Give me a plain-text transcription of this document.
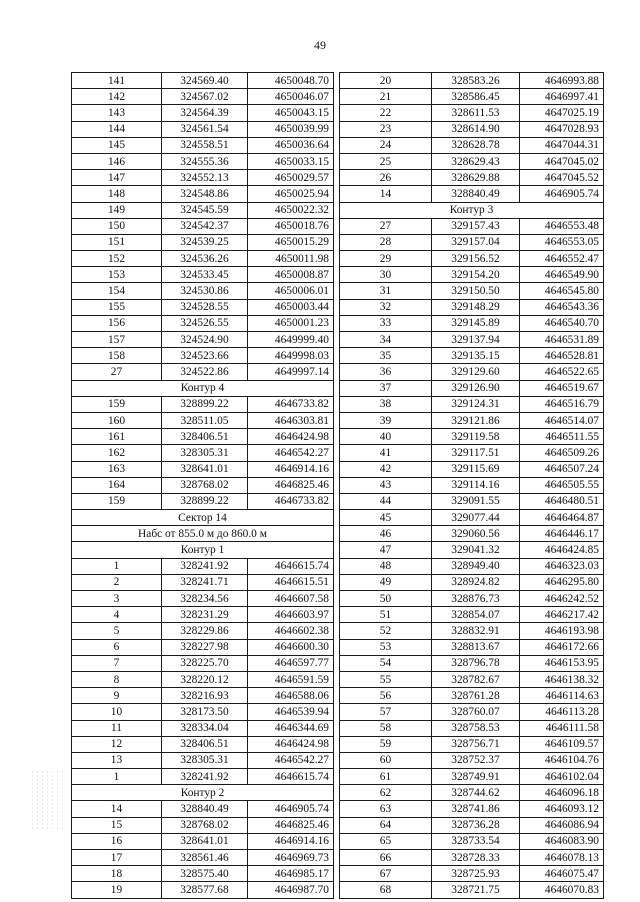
49
141	324569.40	4650048.70
142	324567.02	4650046.07
143	324564.39	4650043.15
144	324561.54	4650039.99
145	324558.51	4650036.64
146	324555.36	4650033.15
147	324552.13	4650029.57
148	324548.86	4650025.94
149	324545.59	4650022.32
150	324542.37	4650018.76
151	324539.25	4650015.29
152	324536.26	4650011.98
153	324533.45	4650008.87
154	324530.86	4650006.01
155	324528.55	4650003.44
156	324526.55	4650001.23
157	324524.90	4649999.40
158	324523.66	4649998.03
27	324522.86	4649997.14
Контур 4		
159	328899.22	4646733.82
160	328511.05	4646303.81
161	328406.51	4646424.98
162	328305.31	4646542.27
163	328641.01	4646914.16
164	328768.02	4646825.46
159	328899.22	4646733.82
Сектор 14		
Набс от 855.0 м до 860.0 м		
Контур 1		
1	328241.92	4646615.74
2	328241.71	4646615.51
3	328234.56	4646607.58
4	328231.29	4646603.97
5	328229.86	4646602.38
6	328227.98	4646600.30
7	328225.70	4646597.77
8	328220.12	4646591.59
9	328216.93	4646588.06
10	328173.50	4646539.94
11	328334.04	4646344.69
12	328406.51	4646424.98
13	328305.31	4646542.27
1	328241.92	4646615.74
Контур 2		
14	328840.49	4646905.74
15	328768.02	4646825.46
16	328641.01	4646914.16
17	328561.46	4646969.73
18	328575.40	4646985.17
19	328577.68	4646987.70
20	328583.26	4646993.88
21	328586.45	4646997.41
22	328611.53	4647025.19
23	328614.90	4647028.93
24	328628.78	4647044.31
25	328629.43	4647045.02
26	328629.88	4647045.52
14	328840.49	4646905.74
Контур 3		
27	329157.43	4646553.48
28	329157.04	4646553.05
29	329156.52	4646552.47
30	329154.20	4646549.90
31	329150.50	4646545.80
32	329148.29	4646543.36
33	329145.89	4646540.70
34	329137.94	4646531.89
35	329135.15	4646528.81
36	329129.60	4646522.65
37	329126.90	4646519.67
38	329124.31	4646516.79
39	329121.86	4646514.07
40	329119.58	4646511.55
41	329117.51	4646509.26
42	329115.69	4646507.24
43	329114.16	4646505.55
44	329091.55	4646480.51
45	329077.44	4646464.87
46	329060.56	4646446.17
47	329041.32	4646424.85
48	328949.40	4646323.03
49	328924.82	4646295.80
50	328876.73	4646242.52
51	328854.07	4646217.42
52	328832.91	4646193.98
53	328813.67	4646172.66
54	328796.78	4646153.95
55	328782.67	4646138.32
56	328761.28	4646114.63
57	328760.07	4646113.28
58	328758.53	4646111.58
59	328756.71	4646109.57
60	328752.37	4646104.76
61	328749.91	4646102.04
62	328744.62	4646096.18
63	328741.86	4646093.12
64	328736.28	4646086.94
65	328733.54	4646083.90
66	328728.33	4646078.13
67	328725.93	4646075.47
68	328721.75	4646070.83
